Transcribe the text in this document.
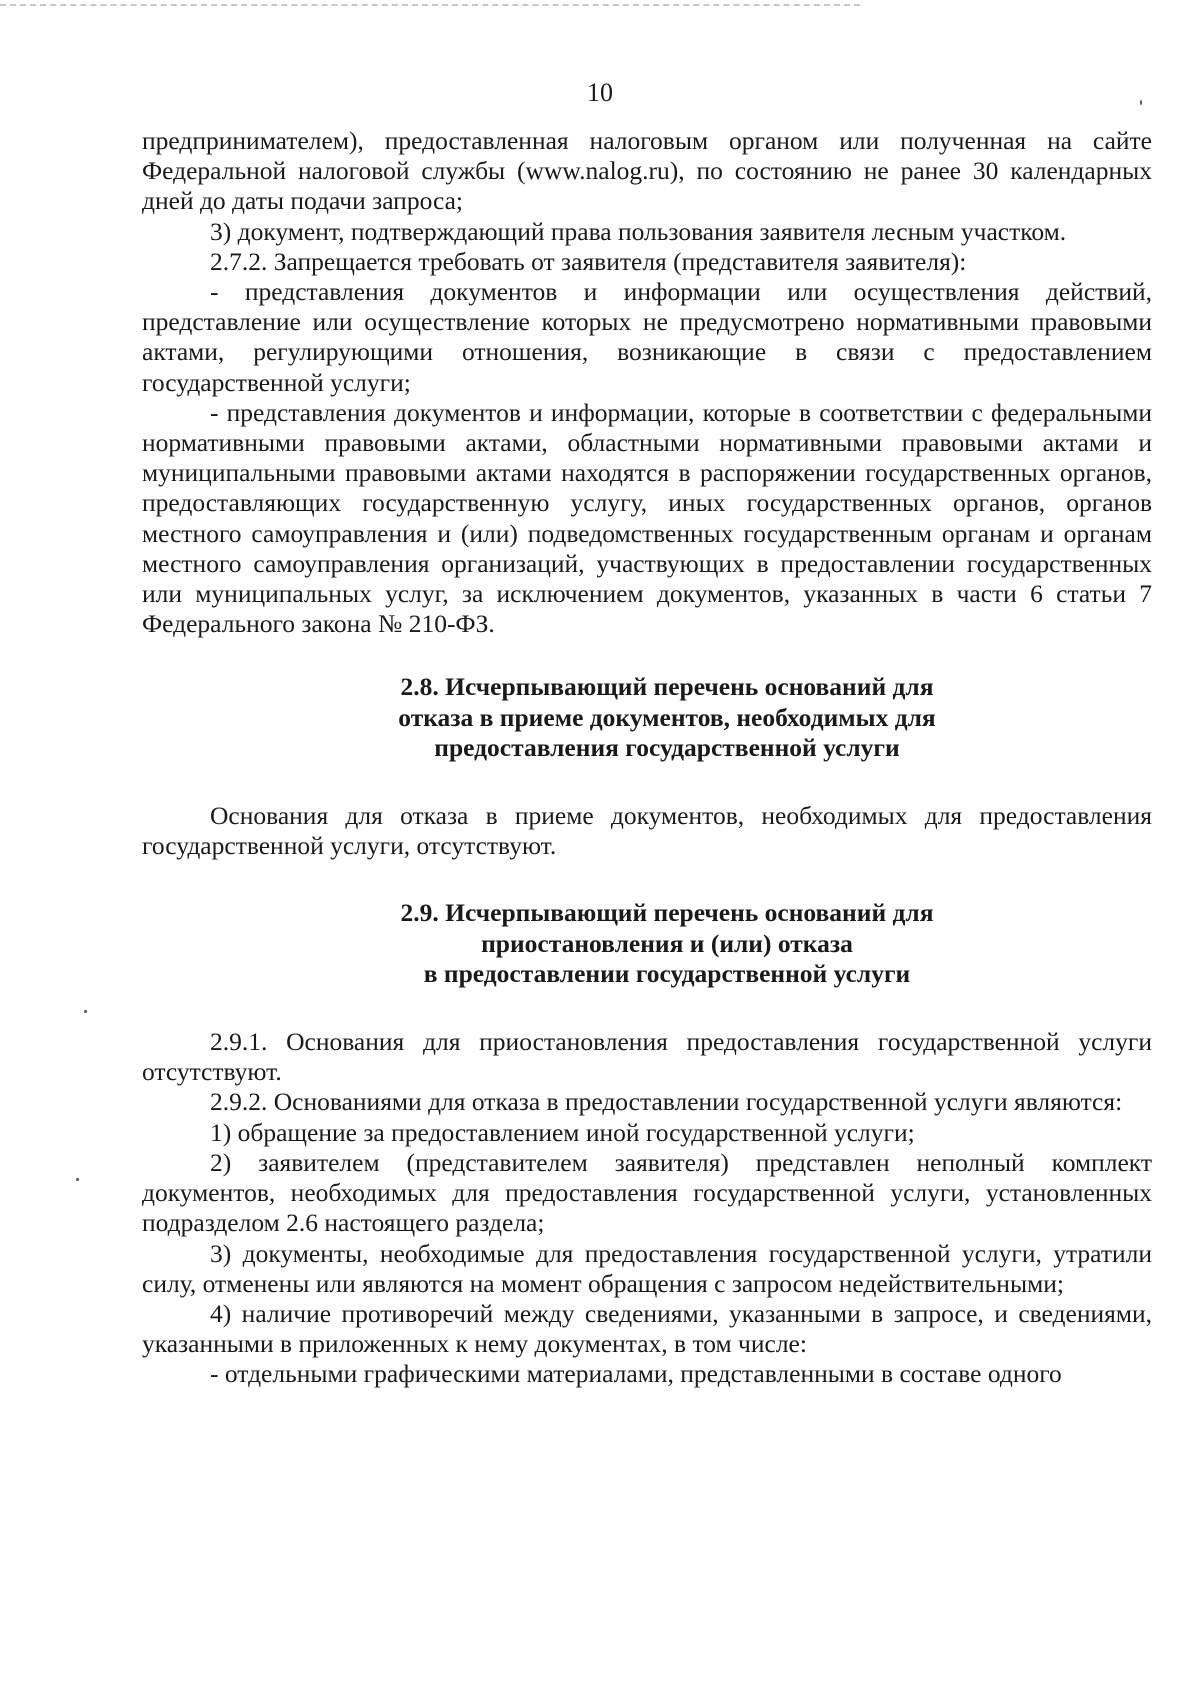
10

предпринимателем), предоставленная налоговым органом или полученная на сайте Федеральной налоговой службы (www.nalog.ru), по состоянию не ранее 30 календарных дней до даты подачи запроса;

3) документ, подтверждающий права пользования заявителя лесным участком.

2.7.2. Запрещается требовать от заявителя (представителя заявителя):

- представления документов и информации или осуществления действий, представление или осуществление которых не предусмотрено нормативными правовыми актами, регулирующими отношения, возникающие в связи с предоставлением государственной услуги;

- представления документов и информации, которые в соответствии с федеральными нормативными правовыми актами, областными нормативными правовыми актами и муниципальными правовыми актами находятся в распоряжении государственных органов, предоставляющих государственную услугу, иных государственных органов, органов местного самоуправления и (или) подведомственных государственным органам и органам местного самоуправления организаций, участвующих в предоставлении государственных или муниципальных услуг, за исключением документов, указанных в части 6 статьи 7 Федерального закона № 210-ФЗ.

2.8. Исчерпывающий перечень оснований для
отказа в приеме документов, необходимых для
предоставления государственной услуги

Основания для отказа в приеме документов, необходимых для предоставления государственной услуги, отсутствуют.

2.9. Исчерпывающий перечень оснований для
приостановления и (или) отказа
в предоставлении государственной услуги

2.9.1. Основания для приостановления предоставления государственной услуги отсутствуют.

2.9.2. Основаниями для отказа в предоставлении государственной услуги являются:

1) обращение за предоставлением иной государственной услуги;

2) заявителем (представителем заявителя) представлен неполный комплект документов, необходимых для предоставления государственной услуги, установленных подразделом 2.6 настоящего раздела;

3) документы, необходимые для предоставления государственной услуги, утратили силу, отменены или являются на момент обращения с запросом недействительными;

4) наличие противоречий между сведениями, указанными в запросе, и сведениями, указанными в приложенных к нему документах, в том числе:

- отдельными графическими материалами, представленными в составе одного
